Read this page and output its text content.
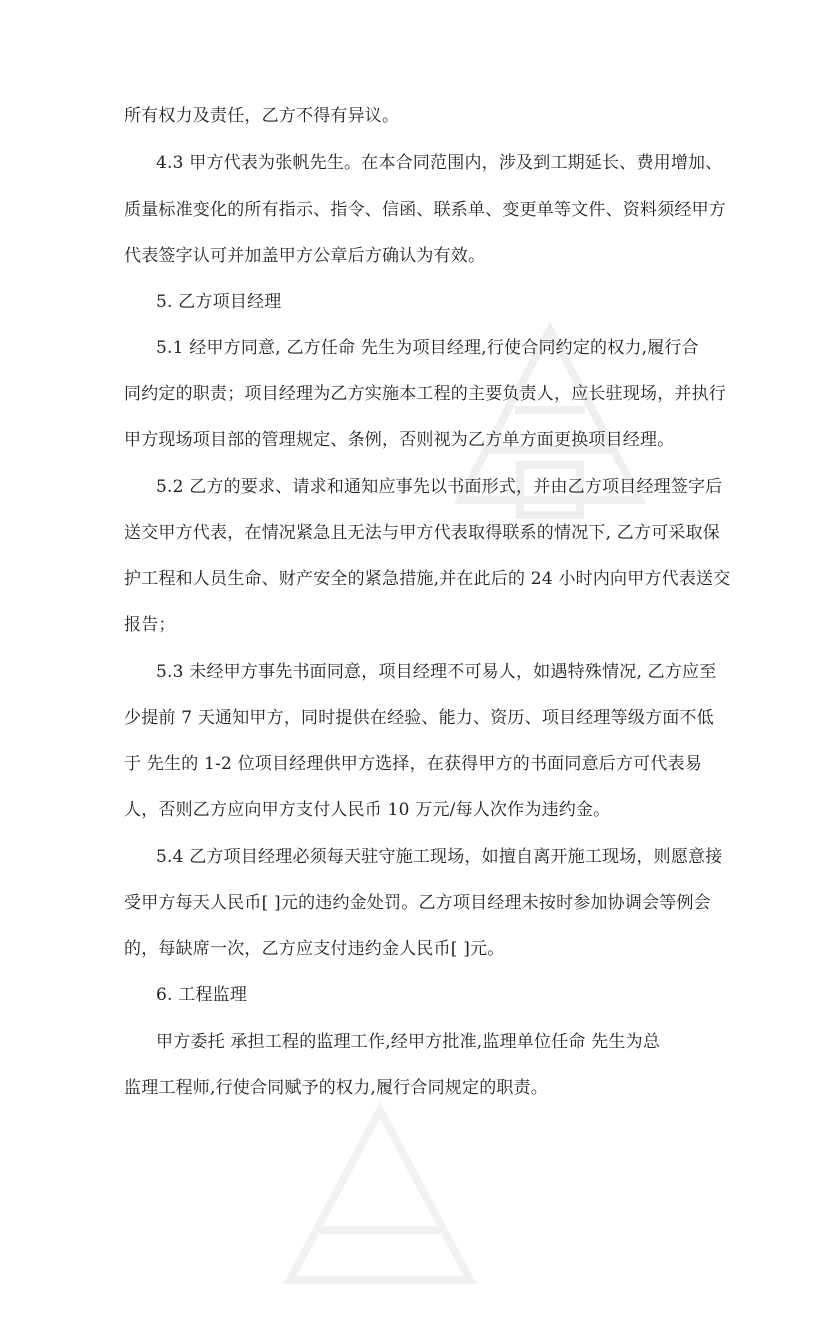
所有权力及责任，乙方不得有异议。
4.3 甲方代表为张帆先生。在本合同范围内，涉及到工期延长、费用增加、
质量标准变化的所有指示、指令、信函、联系单、变更单等文件、资料须经甲方
代表签字认可并加盖甲方公章后方确认为有效。
5. 乙方项目经理
5.1 经甲方同意, 乙方任命 先生为项目经理,行使合同约定的权力,履行合
同约定的职责；项目经理为乙方实施本工程的主要负责人，应长驻现场，并执行
甲方现场项目部的管理规定、条例，否则视为乙方单方面更换项目经理。
5.2 乙方的要求、请求和通知应事先以书面形式，并由乙方项目经理签字后
送交甲方代表，在情况紧急且无法与甲方代表取得联系的情况下, 乙方可采取保
护工程和人员生命、财产安全的紧急措施,并在此后的 24 小时内向甲方代表送交
报告；
5.3 未经甲方事先书面同意，项目经理不可易人，如遇特殊情况, 乙方应至
少提前 7 天通知甲方，同时提供在经验、能力、资历、项目经理等级方面不低
于 先生的 1-2 位项目经理供甲方选择，在获得甲方的书面同意后方可代表易
人，否则乙方应向甲方支付人民币 10 万元/每人次作为违约金。
5.4 乙方项目经理必须每天驻守施工现场，如擅自离开施工现场，则愿意接
受甲方每天人民币[ ]元的违约金处罚。乙方项目经理未按时参加协调会等例会
的，每缺席一次，乙方应支付违约金人民币[ ]元。
6. 工程监理
甲方委托 承担工程的监理工作,经甲方批准,监理单位任命 先生为总
监理工程师,行使合同赋予的权力,履行合同规定的职责。
